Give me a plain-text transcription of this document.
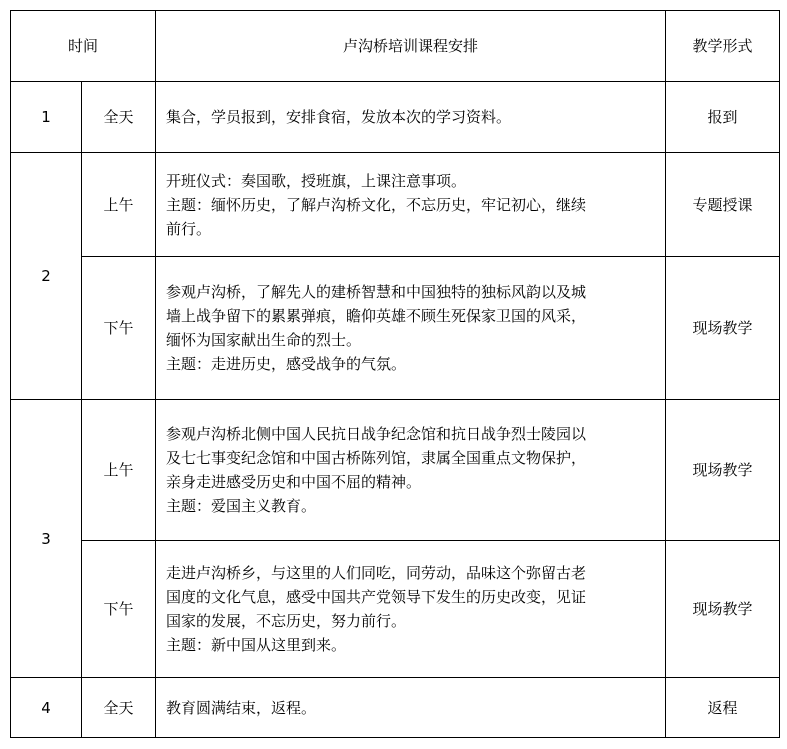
时间		卢沟桥培训课程安排	教学形式
1	全天	集合，学员报到，安排食宿，发放本次的学习资料。	报到
2	上午	开班仪式：奏国歌，授班旗，上课注意事项。
主题：缅怀历史，了解卢沟桥文化，不忘历史，牢记初心，继续
前行。	专题授课
	下午	参观卢沟桥，了解先人的建桥智慧和中国独特的独标风韵以及城
墙上战争留下的累累弹痕，瞻仰英雄不顾生死保家卫国的风采，
缅怀为国家献出生命的烈士。
主题：走进历史，感受战争的气氛。	现场教学
3	上午	参观卢沟桥北侧中国人民抗日战争纪念馆和抗日战争烈士陵园以
及七七事变纪念馆和中国古桥陈列馆，隶属全国重点文物保护，
亲身走进感受历史和中国不屈的精神。
主题：爱国主义教育。	现场教学
	下午	走进卢沟桥乡，与这里的人们同吃，同劳动，品味这个弥留古老
国度的文化气息，感受中国共产党领导下发生的历史改变，见证
国家的发展，不忘历史，努力前行。
主题：新中国从这里到来。	现场教学
4	全天	教育圆满结束，返程。	返程
